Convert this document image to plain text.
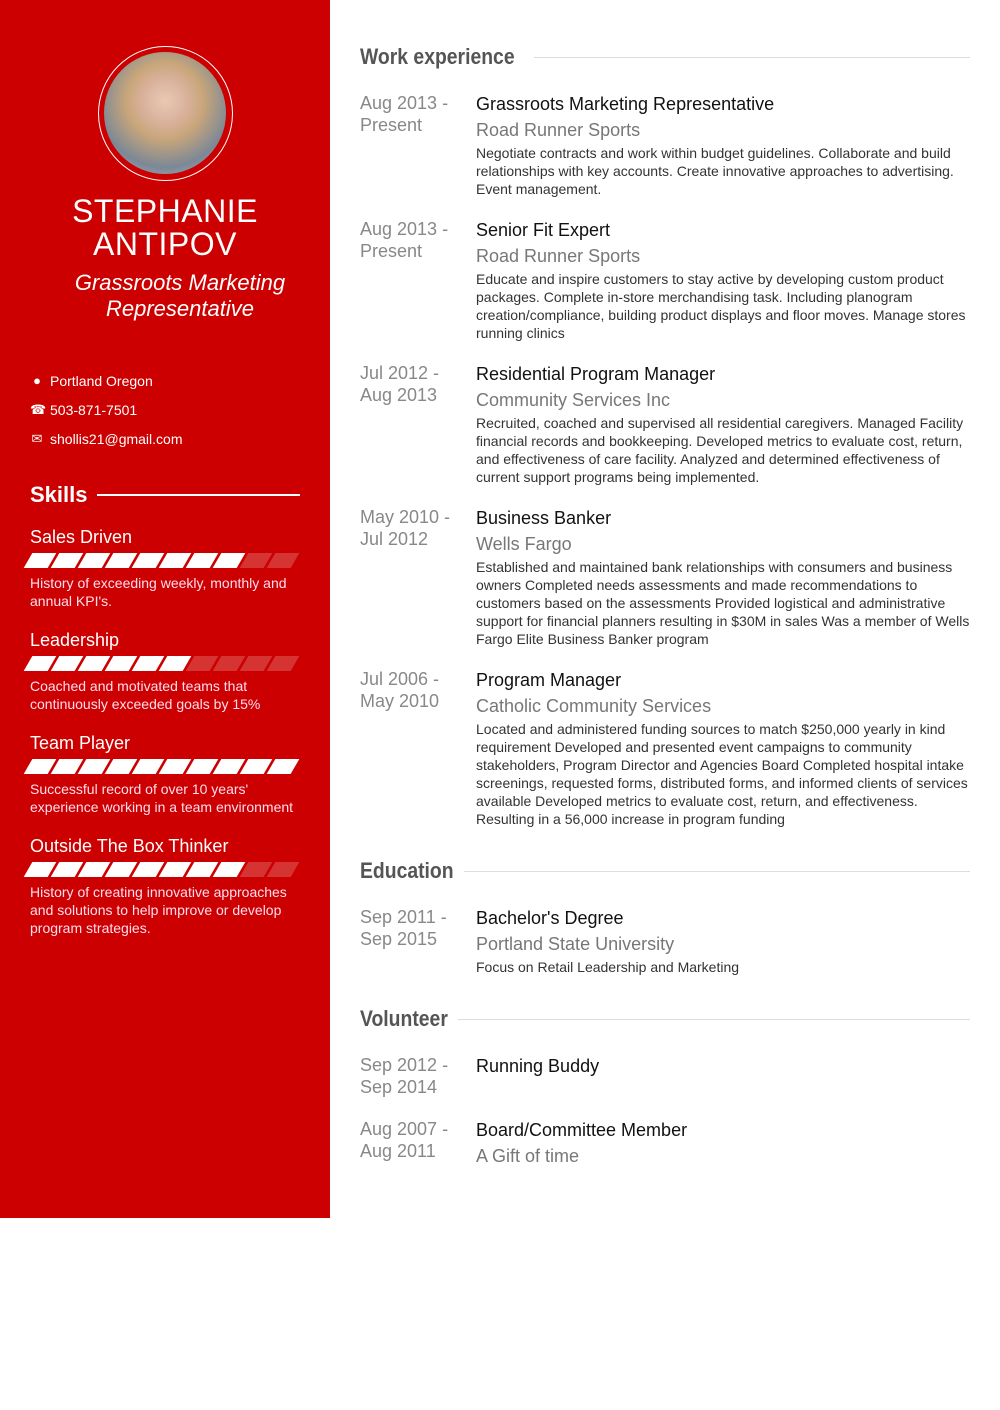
STEPHANIE
ANTIPOV
Grassroots Marketing Representative
● Portland Oregon
☎ 503-871-7501
✉ shollis21@gmail.com
Skills
Sales Driven
History of exceeding weekly, monthly and annual KPI's.
Leadership
Coached and motivated teams that continuously exceeded goals by 15%
Team Player
Successful record of over 10 years' experience working in a team environment
Outside The Box Thinker
History of creating innovative approaches and solutions to help improve or develop program strategies.
Work experience
Aug 2013 -
Present
Grassroots Marketing Representative
Road Runner Sports
Negotiate contracts and work within budget guidelines. Collaborate and build relationships with key accounts. Create innovative approaches to advertising. Event management.
Aug 2013 -
Present
Senior Fit Expert
Road Runner Sports
Educate and inspire customers to stay active by developing custom product packages. Complete in-store merchandising task. Including planogram creation/compliance, building product displays and floor moves. Manage stores running clinics
Jul 2012 -
Aug 2013
Residential Program Manager
Community Services Inc
Recruited, coached and supervised all residential caregivers. Managed Facility financial records and bookkeeping. Developed metrics to evaluate cost, return, and effectiveness of care facility. Analyzed and determined effectiveness of current support programs being implemented.
May 2010 -
Jul 2012
Business Banker
Wells Fargo
Established and maintained bank relationships with consumers and business owners Completed needs assessments and made recommendations to customers based on the assessments Provided logistical and administrative support for financial planners resulting in $30M in sales Was a member of Wells Fargo Elite Business Banker program
Jul 2006 -
May 2010
Program Manager
Catholic Community Services
Located and administered funding sources to match $250,000 yearly in kind requirement Developed and presented event campaigns to community stakeholders, Program Director and Agencies Board Completed hospital intake screenings, requested forms, distributed forms, and informed clients of services available Developed metrics to evaluate cost, return, and effectiveness. Resulting in a 56,000 increase in program funding
Education
Sep 2011 -
Sep 2015
Bachelor's Degree
Portland State University
Focus on Retail Leadership and Marketing
Volunteer
Sep 2012 -
Sep 2014
Running Buddy
Aug 2007 -
Aug 2011
Board/Committee Member
A Gift of time
